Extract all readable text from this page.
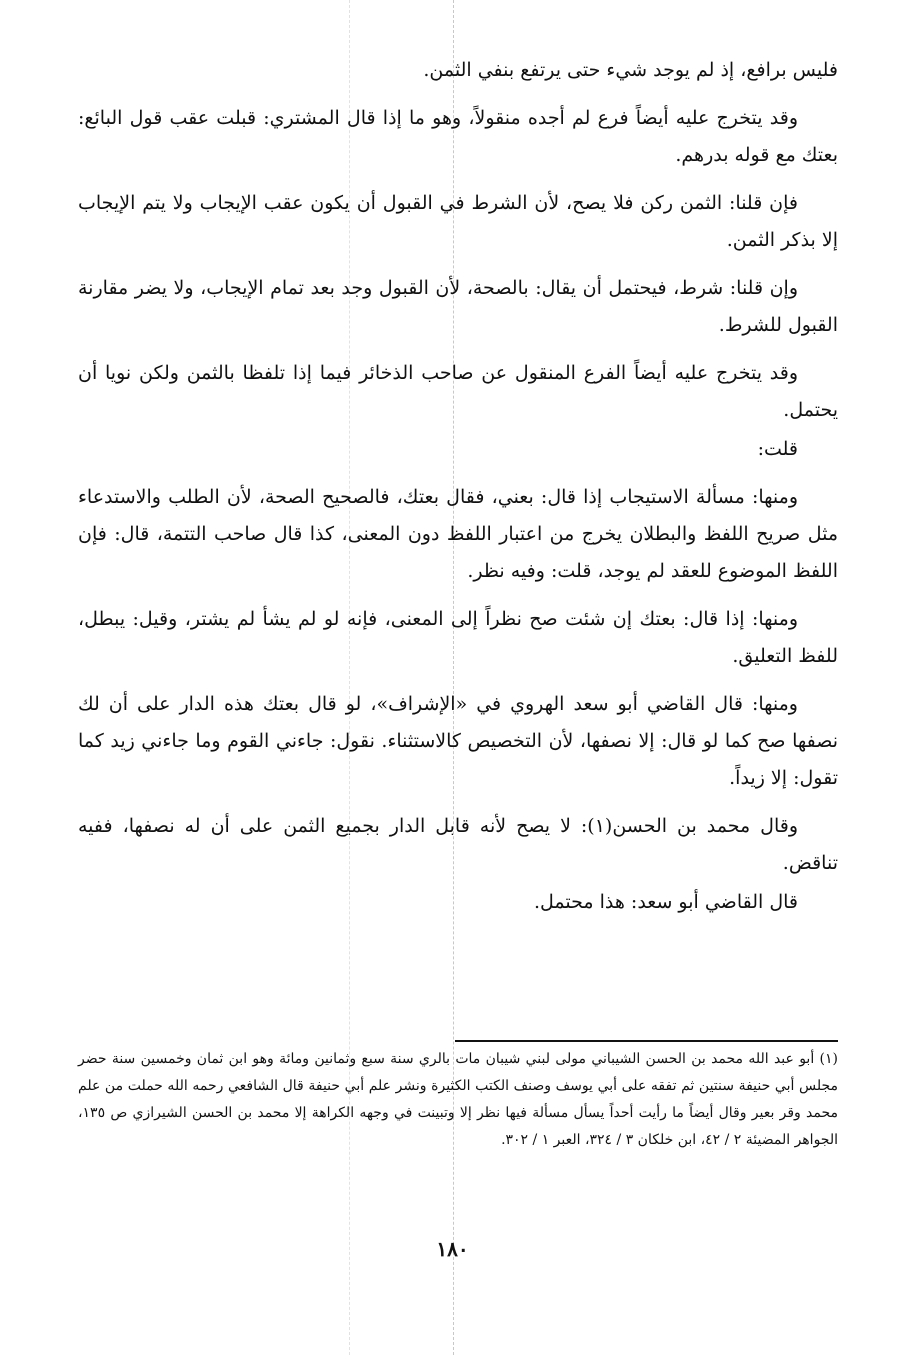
فليس برافع، إذ لم يوجد شيء حتى يرتفع بنفي الثمن.

وقد يتخرج عليه أيضاً فرع لم أجده منقولاً، وهو ما إذا قال المشتري: قبلت عقب قول البائع: بعتك مع قوله بدرهم.

فإن قلنا: الثمن ركن فلا يصح، لأن الشرط في القبول أن يكون عقب الإيجاب ولا يتم الإيجاب إلا بذكر الثمن.

وإن قلنا: شرط، فيحتمل أن يقال: بالصحة، لأن القبول وجد بعد تمام الإيجاب، ولا يضر مقارنة القبول للشرط.

وقد يتخرج عليه أيضاً الفرع المنقول عن صاحب الذخائر فيما إذا تلفظا بالثمن ولكن نويا أن يحتمل.

قلت:

ومنها: مسألة الاستيجاب إذا قال: بعني، فقال بعتك، فالصحيح الصحة، لأن الطلب والاستدعاء مثل صريح اللفظ والبطلان يخرج من اعتبار اللفظ دون المعنى، كذا قال صاحب التتمة، قال: فإن اللفظ الموضوع للعقد لم يوجد، قلت: وفيه نظر.

ومنها: إذا قال: بعتك إن شئت صح نظراً إلى المعنى، فإنه لو لم يشأ لم يشتر، وقيل: يبطل، للفظ التعليق.

ومنها: قال القاضي أبو سعد الهروي في «الإشراف»، لو قال بعتك هذه الدار على أن لك نصفها صح كما لو قال: إلا نصفها، لأن التخصيص كالاستثناء. نقول: جاءني القوم وما جاءني زيد كما تقول: إلا زيداً.

وقال محمد بن الحسن(١): لا يصح لأنه قابل الدار بجميع الثمن على أن له نصفها، ففيه تناقض.

قال القاضي أبو سعد: هذا محتمل.

(١) أبو عبد الله محمد بن الحسن الشيباني مولى لبني شيبان مات بالري سنة سبع وثمانين ومائة وهو ابن ثمان وخمسين سنة حضر مجلس أبي حنيفة سنتين ثم تفقه على أبي يوسف وصنف الكتب الكثيرة ونشر علم أبي حنيفة قال الشافعي رحمه الله حملت من علم محمد وقر بعير وقال أيضاً ما رأيت أحداً يسأل مسألة فيها نظر إلا وتبينت في وجهه الكراهة إلا محمد بن الحسن الشيرازي ص ١٣٥، الجواهر المضيئة ٢ / ٤٢، ابن خلكان ٣ / ٣٢٤، العبر ١ / ٣٠٢.

١٨٠
